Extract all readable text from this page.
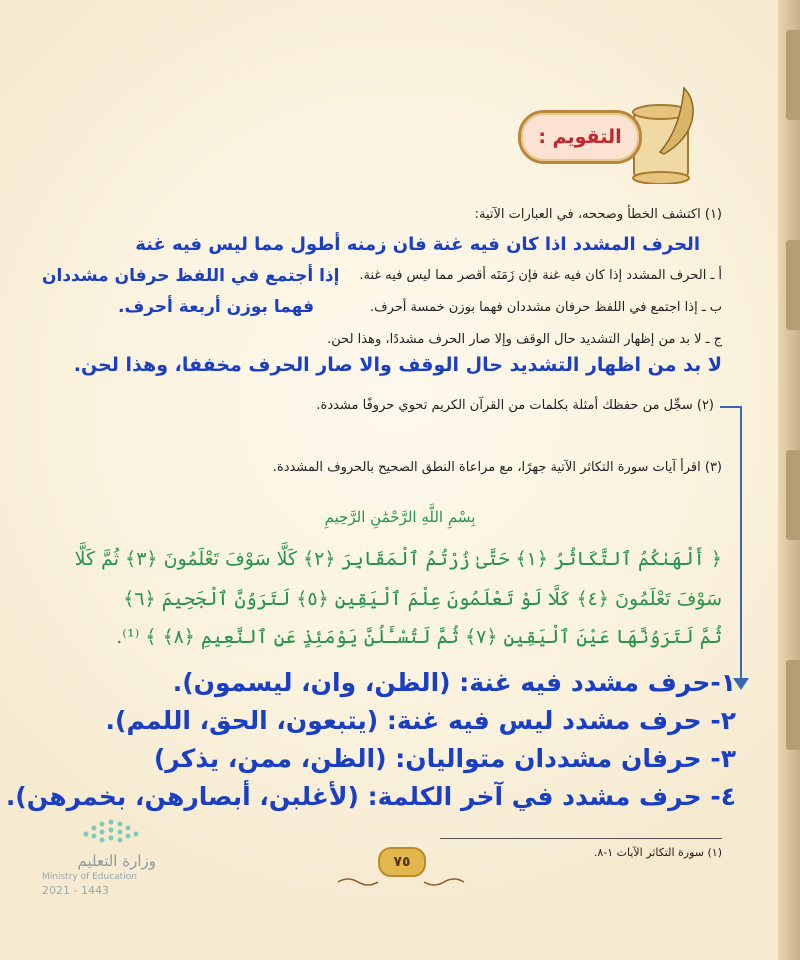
التقويم :
(١) اكتشف الخطأ وصححه، في العبارات الآتية:
الحرف المشدد اذا كان فيه غنة فان زمنه أطول مما ليس فيه غنة
أ ـ الحرف المشدد إذا كان فيه غنة فإن زَمَنَه أقصر مما ليس فيه غنة.
إذا أجتمع في اللفظ حرفان مشددان
ب ـ إذا اجتمع في اللفظ حرفان مشددان فهما بوزن خمسة أحرف.
فهما بوزن أربعة أحرف.
ج ـ لا بد من إظهار التشديد حال الوقف وإلا صار الحرف مشددًا، وهذا لحن.
لا بد من اظهار التشديد حال الوقف والا صار الحرف مخففا، وهذا لحن.
(٢) سجِّل من حفظك أمثلة بكلمات من القرآن الكريم تحوي حروفًا مشددة.
(٣) اقرأ آيات سورة التكاثر الآتية جهرًا، مع مراعاة النطق الصحيح بالحروف المشددة.
بِسْمِ اللَّهِ الرَّحْمَٰنِ الرَّحِيمِ
﴿ أَلْهَىٰكُمُ ٱلتَّكَاثُرُ ﴿١﴾ حَتَّىٰ زُرْتُمُ ٱلْمَقَابِرَ ﴿٢﴾ كَلَّا سَوْفَ تَعْلَمُونَ ﴿٣﴾ ثُمَّ كَلَّا
سَوْفَ تَعْلَمُونَ ﴿٤﴾ كَلَّا لَوْ تَعْلَمُونَ عِلْمَ ٱلْيَقِينِ ﴿٥﴾ لَتَرَوُنَّ ٱلْجَحِيمَ ﴿٦﴾
ثُمَّ لَتَرَوُنَّهَا عَيْنَ ٱلْيَقِينِ ﴿٧﴾ ثُمَّ لَتُسْـَٔلُنَّ يَوْمَئِذٍ عَنِ ٱلنَّعِيمِ ﴿٨﴾ ﴾ ⁽¹⁾.
١-حرف مشدد فيه غنة: (الظن، وان، ليسمون).
٢- حرف مشدد ليس فيه غنة: (يتبعون، الحق، اللمم).
٣- حرفان مشددان متواليان: (الظن، ممن، يذكر)
٤- حرف مشدد في آخر الكلمة: (لأغلبن، أبصارهن، بخمرهن).
(١) سورة التكاثر الآيات ١-٨.
٧٥
وزارة التعليم
Ministry of Education
2021 - 1443
